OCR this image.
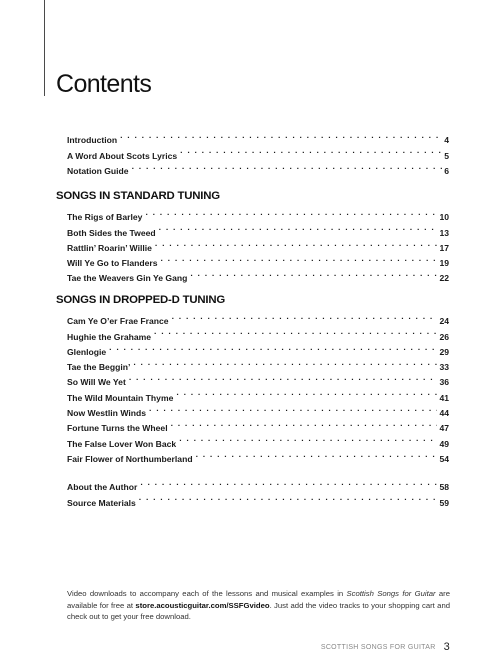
Contents
Introduction . . .	4
A Word About Scots Lyrics . . .	5
Notation Guide . . .	6
SONGS IN STANDARD TUNING
The Rigs of Barley . . .	10
Both Sides the Tweed . . .	13
Rattlin’ Roarin’ Willie . . .	17
Will Ye Go to Flanders . . .	19
Tae the Weavers Gin Ye Gang . . .	22
SONGS IN DROPPED-D TUNING
Cam Ye O’er Frae France . . .	24
Hughie the Grahame . . .	26
Glenlogie . . .	29
Tae the Beggin’ . . .	33
So Will We Yet . . .	36
The Wild Mountain Thyme . . .	41
Now Westlin Winds . . .	44
Fortune Turns the Wheel . . .	47
The False Lover Won Back . . .	49
Fair Flower of Northumberland . . .	54
About the Author . . .	58
Source Materials . . .	59

Video downloads to accompany each of the lessons and musical examples in Scottish Songs for Guitar are available for free at store.acousticguitar.com/SSFGvideo. Just add the video tracks to your shopping cart and check out to get your free download.

SCOTTISH SONGS FOR GUITAR 3
